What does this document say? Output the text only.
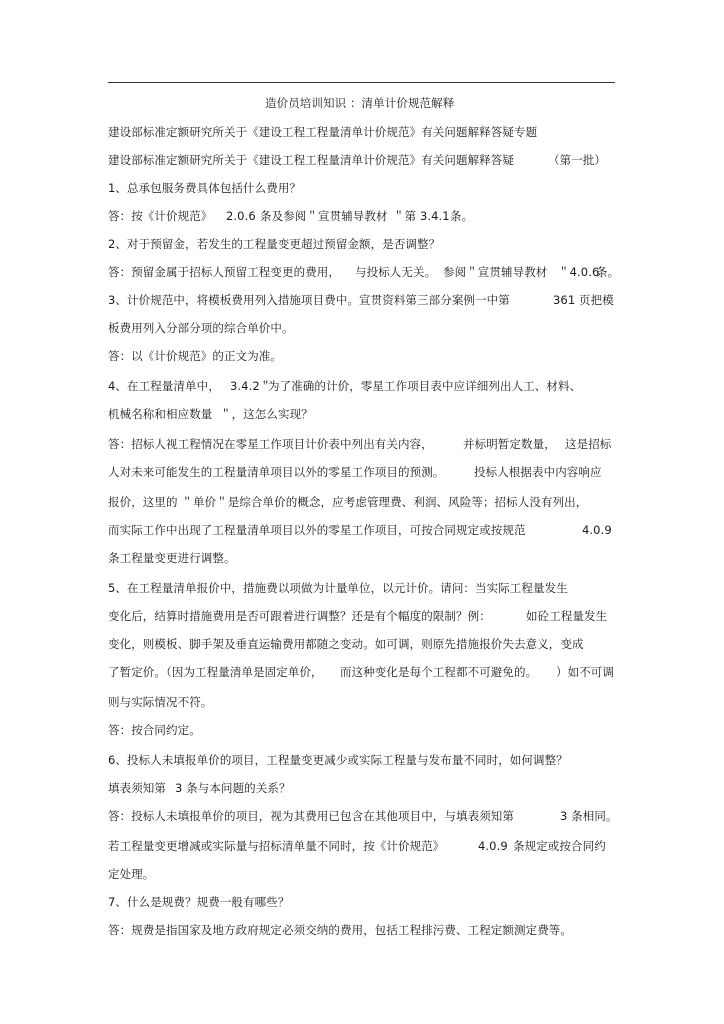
造价员培训知识 ：清单计价规范解释
建设部标准定额研究所关于《建设工程工程量清单计价规范》有关问题解释答疑专题
建设部标准定额研究所关于《建设工程工程量清单计价规范》有关问题解释答疑	（第一批）
1、总承包服务费具体包括什么费用？
答：按《计价规范》 2.0.6 条及参阅＂宣贯辅导教材 ＂第 3.4.1 条。
2、对于预留金，若发生的工程量变更超过预留金额，是否调整？
答：预留金属于招标人预留工程变更的费用， 与投标人无关。 参阅＂宣贯辅导教材 ＂4.0.6
条。
3、计价规范中，将模板费用列入措施项目费中。宣贯资料第三部分案例一中第	361 页把模
板费用列入分部分项的综合单价中。
答：以《计价规范》的正文为准。
4、在工程量清单中， 3.4.2＂
为了准确的计价，零星工作项目表中应详细列出人工、材料、
机械名称和相应数量 ＂，这怎么实现？
答：招标人视工程情况在零星工作项目计价表中列出有关内容，	并标明暂定数量， 这是招标
人对未来可能发生的工程量清单项目以外的零星工作项目的预测。	投标人根据表中内容响应
报价，这里的 ＂单价＂是综合单价的概念，应考虑管理费、利润、风险等；招标人没有列出，
而实际工作中出现了工程量清单项目以外的零星工作项目，可按合同规定或按规范	4.0.9
条工程量变更进行调整。
5、在工程量清单报价中，措施费以项做为计量单位，以元计价。请问：当实际工程量发生
变化后，结算时措施费用是否可跟着进行调整？还是有个幅度的限制？例：	如砼工程量发生
变化，则模板、脚手架及垂直运输费用都随之变动。如可调，则原先措施报价失去意义，变成
了暂定价。（因为工程量清单是固定单价， 而这种变化是每个工程都不可避免的。 ）如不可调
则与实际情况不符。
答：按合同约定。
6、投标人未填报单价的项目，工程量变更减少或实际工程量与发布量不同时，如何调整？
填表须知第 3 条与本问题的关系？
答：投标人未填报单价的项目，视为其费用已包含在其他项目中，与填表须知第	3 条相同。
若工程量变更增减或实际量与招标清单量不同时，按《计价规范》	4.0.9 条规定或按合同约
定处理。
7、什么是规费？规费一般有哪些？
答：规费是指国家及地方政府规定必须交纳的费用，包括工程排污费、工程定额测定费等。
